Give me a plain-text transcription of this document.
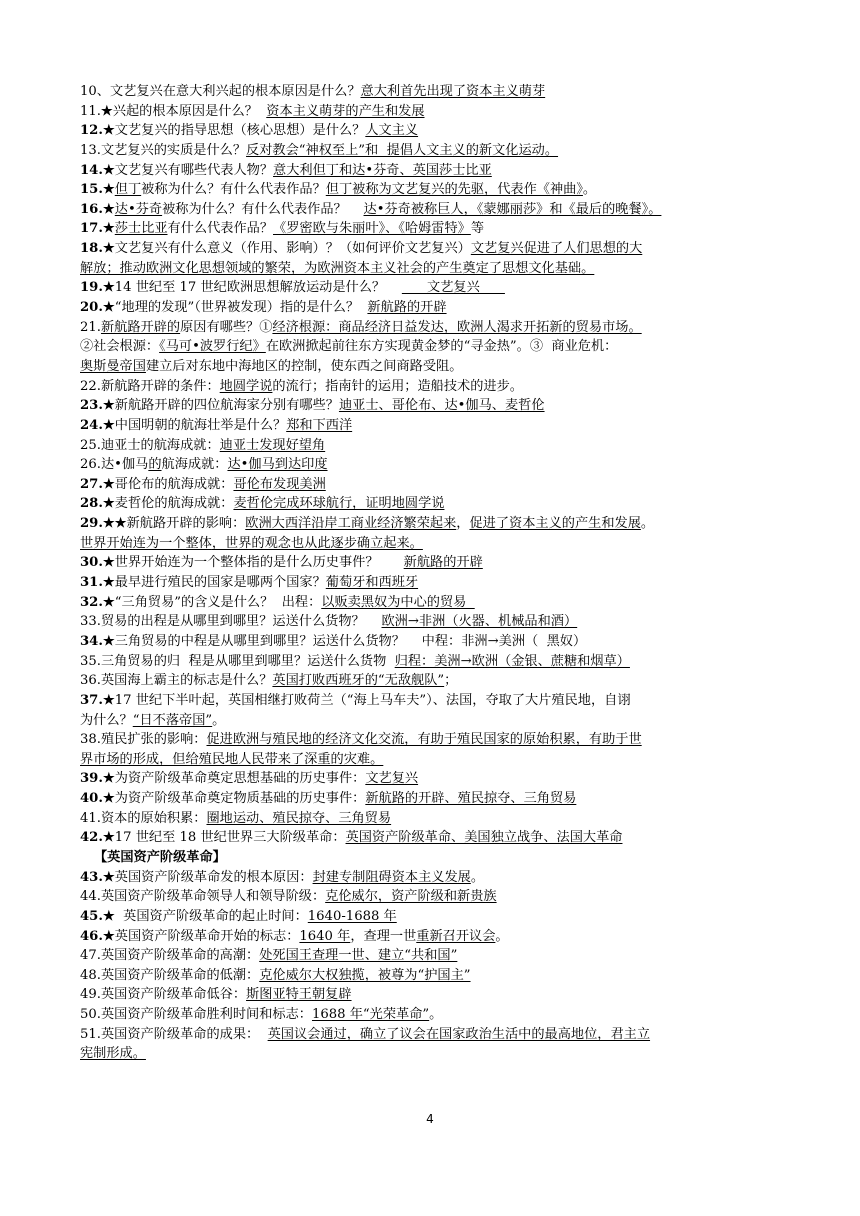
10、文艺复兴在意大利兴起的根本原因是什么？意大利首先出现了资本主义萌芽
11.★兴起的根本原因是什么？  资本主义萌芽的产生和发展
12.★文艺复兴的指导思想（核心思想）是什么？人文主义
13.文艺复兴的实质是什么？反对教会“神权至上”和  提倡人文主义的新文化运动。
14.★文艺复兴有哪些代表人物？意大利但丁和达•芬奇、英国莎士比亚
15.★但丁被称为什么？有什么代表作品？但丁被称为文艺复兴的先驱，代表作《神曲》。
16.★达•芬奇被称为什么？有什么代表作品？    达•芬奇被称巨人，《蒙娜丽莎》和《最后的晚餐》。
17.★莎士比亚有什么代表作品？《罗密欧与朱丽叶》、《哈姆雷特》等
18.★文艺复兴有什么意义（作用、影响）？（如何评价文艺复兴）文艺复兴促进了人们思想的大
解放；推动欧洲文化思想领域的繁荣，为欧洲资本主义社会的产生奠定了思想文化基础。
19.★14 世纪至 17 世纪欧洲思想解放运动是什么？          文艺复兴
20.★“地理的发现”（世界被发现）指的是什么？  新航路的开辟
21.新航路开辟的原因有哪些？①经济根源：商品经济日益发达，欧洲人渴求开拓新的贸易市场。
②社会根源：《马可•波罗行纪》在欧洲掀起前往东方实现黄金梦的“寻金热”。③  商业危机：
奥斯曼帝国建立后对东地中海地区的控制，使东西之间商路受阻。
22.新航路开辟的条件：地圆学说的流行；指南针的运用；造船技术的进步。
23.★新航路开辟的四位航海家分别有哪些？迪亚士、哥伦布、达•伽马、麦哲伦
24.★中国明朝的航海壮举是什么？郑和下西洋
25.迪亚士的航海成就：迪亚士发现好望角
26.达•伽马的航海成就：达•伽马到达印度
27.★哥伦布的航海成就：哥伦布发现美洲
28.★麦哲伦的航海成就：麦哲伦完成环球航行，证明地圆学说
29.★★新航路开辟的影响：欧洲大西洋沿岸工商业经济繁荣起来，促进了资本主义的产生和发展。
世界开始连为一个整体，世界的观念也从此逐步确立起来。
30.★世界开始连为一个整体指的是什么历史事件？      新航路的开辟
31.★最早进行殖民的国家是哪两个国家？葡萄牙和西班牙
32.★“三角贸易”的含义是什么？  出程：以贩卖黑奴为中心的贸易
33.贸易的出程是从哪里到哪里？运送什么货物？    欧洲→非洲（火器、机械品和酒）
34.★三角贸易的中程是从哪里到哪里？运送什么货物？    中程：非洲→美洲（  黑奴）
35.三角贸易的归  程是从哪里到哪里？运送什么货物  归程：美洲→欧洲（金银、蔗糖和烟草）
36.英国海上霸主的标志是什么？英国打败西班牙的“无敌舰队”；
37.★17 世纪下半叶起，英国相继打败荷兰（“海上马车夫”）、法国，夺取了大片殖民地，自诩
为什么？“日不落帝国”。
38.殖民扩张的影响：促进欧洲与殖民地的经济文化交流，有助于殖民国家的原始积累，有助于世
界市场的形成，但给殖民地人民带来了深重的灾难。
39.★为资产阶级革命奠定思想基础的历史事件：文艺复兴
40.★为资产阶级革命奠定物质基础的历史事件：新航路的开辟、殖民掠夺、三角贸易
41.资本的原始积累：圈地运动、殖民掠夺、三角贸易
42.★17 世纪至 18 世纪世界三大阶级革命：英国资产阶级革命、美国独立战争、法国大革命
【英国资产阶级革命】
43.★英国资产阶级革命发的根本原因：封建专制阻碍资本主义发展。
44.英国资产阶级革命领导人和领导阶级：克伦威尔，资产阶级和新贵族
45.★  英国资产阶级革命的起止时间：1640-1688 年
46.★英国资产阶级革命开始的标志：1640 年，查理一世重新召开议会。
47.英国资产阶级革命的高潮：处死国王查理一世、建立“共和国”
48.英国资产阶级革命的低潮：克伦威尔大权独揽，被尊为“护国主”
49.英国资产阶级革命低谷：斯图亚特王朝复辟
50.英国资产阶级革命胜利时间和标志：1688 年“光荣革命”。
51.英国资产阶级革命的成果：  英国议会通过，确立了议会在国家政治生活中的最高地位，君主立
宪制形成。
4
